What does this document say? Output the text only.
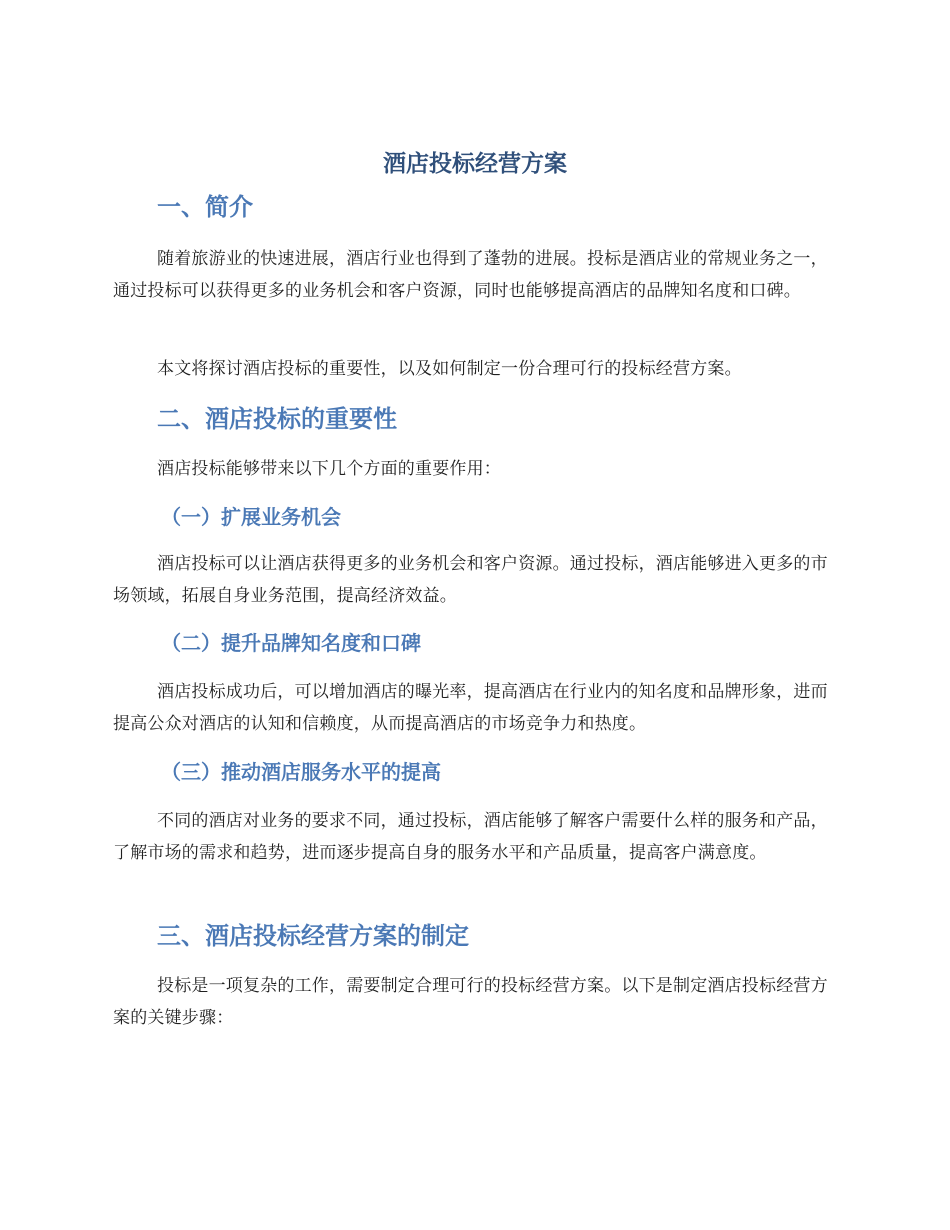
酒店投标经营方案
一、简介

随着旅游业的快速进展，酒店行业也得到了蓬勃的进展。投标是酒店业的常规业务之一，通过投标可以获得更多的业务机会和客户资源，同时也能够提高酒店的品牌知名度和口碑。

本文将探讨酒店投标的重要性，以及如何制定一份合理可行的投标经营方案。

二、酒店投标的重要性

酒店投标能够带来以下几个方面的重要作用：

（一）扩展业务机会

酒店投标可以让酒店获得更多的业务机会和客户资源。通过投标，酒店能够进入更多的市场领域，拓展自身业务范围，提高经济效益。

（二）提升品牌知名度和口碑

酒店投标成功后，可以增加酒店的曝光率，提高酒店在行业内的知名度和品牌形象，进而提高公众对酒店的认知和信赖度，从而提高酒店的市场竞争力和热度。

（三）推动酒店服务水平的提高

不同的酒店对业务的要求不同，通过投标，酒店能够了解客户需要什么样的服务和产品，了解市场的需求和趋势，进而逐步提高自身的服务水平和产品质量，提高客户满意度。

三、酒店投标经营方案的制定

投标是一项复杂的工作，需要制定合理可行的投标经营方案。以下是制定酒店投标经营方案的关键步骤：
